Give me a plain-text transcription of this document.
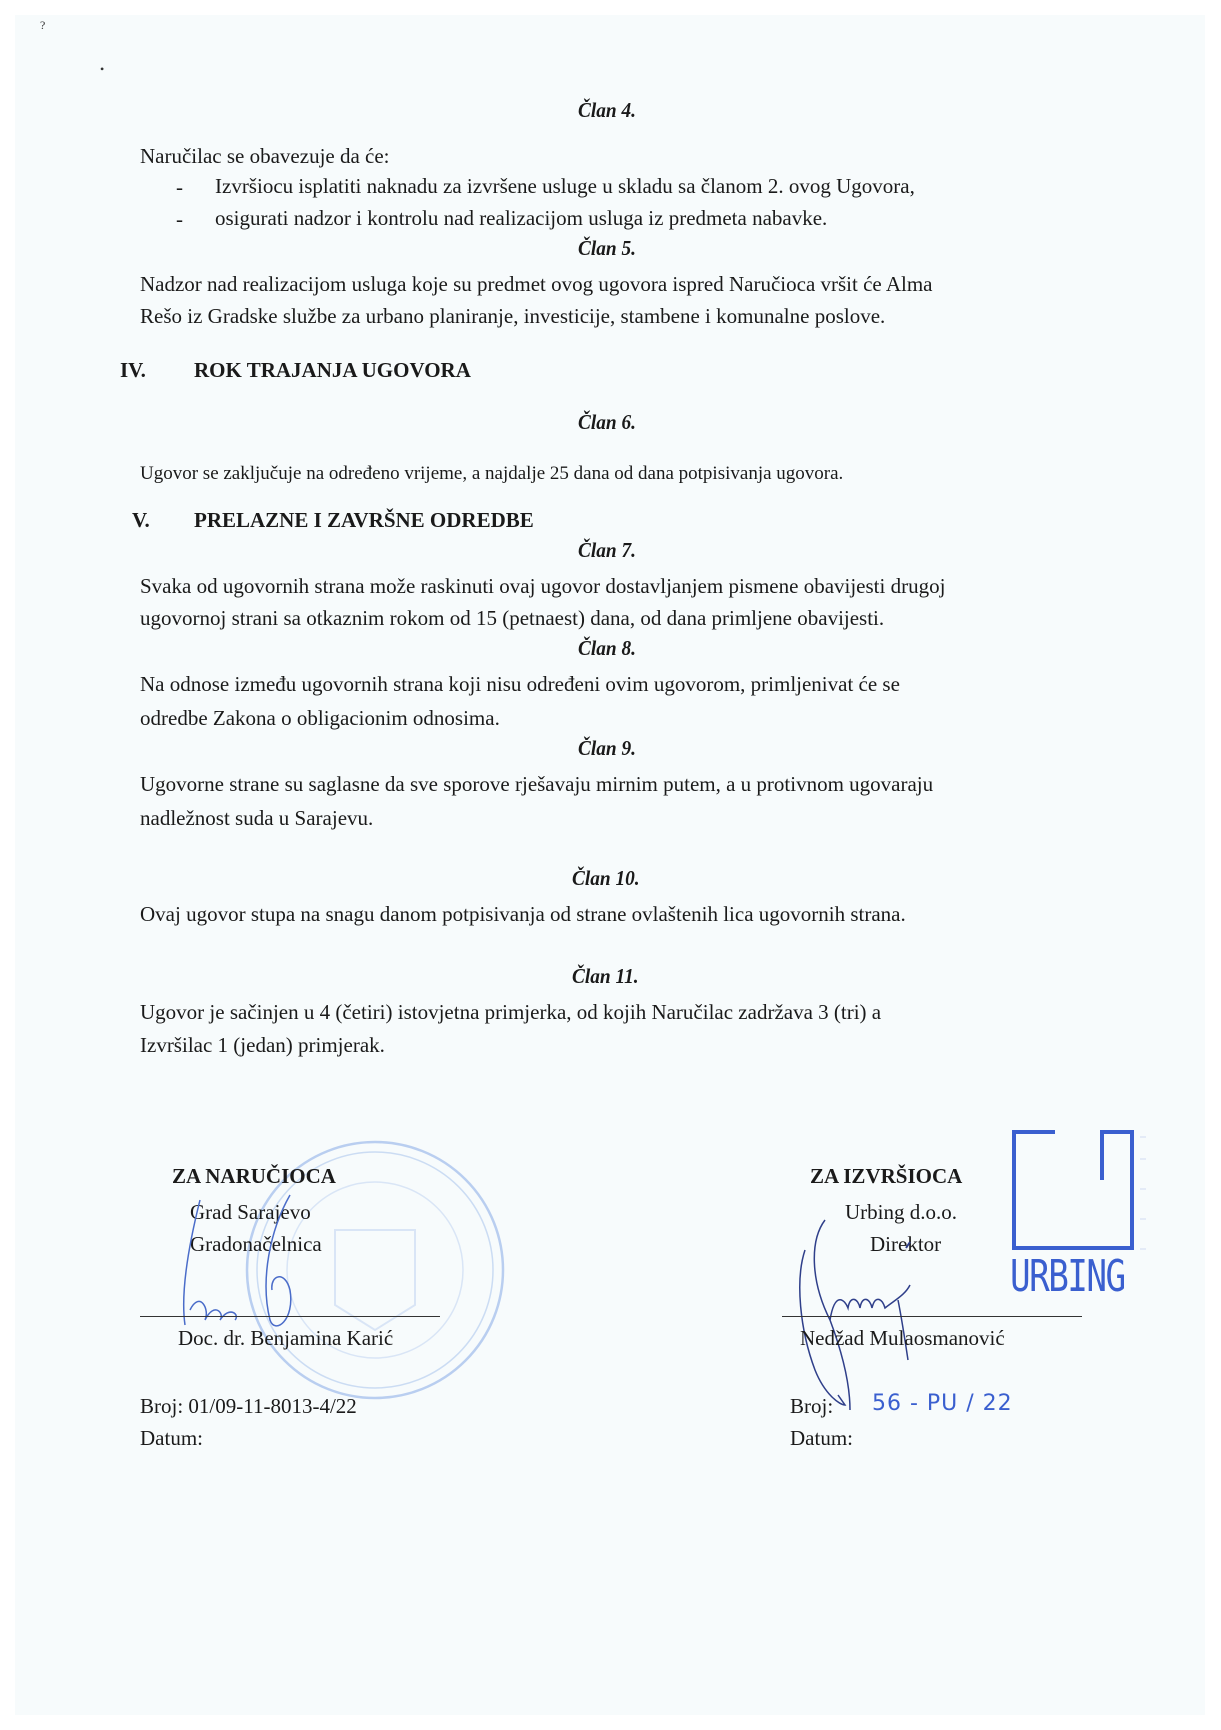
?
•
Član 4.
Naručilac se obavezuje da će:
- Izvršiocu isplatiti naknadu za izvršene usluge u skladu sa članom 2. ovog Ugovora,
- osigurati nadzor i kontrolu nad realizacijom usluga iz predmeta nabavke.
Član 5.
Nadzor nad realizacijom usluga koje su predmet ovog ugovora ispred Naručioca vršit će Alma
Rešo iz Gradske službe za urbano planiranje, investicije, stambene i komunalne poslove.
IV. ROK TRAJANJA UGOVORA
Član 6.
Ugovor se zaključuje na određeno vrijeme, a najdalje 25 dana od dana potpisivanja ugovora.
V. PRELAZNE I ZAVRŠNE ODREDBE
Član 7.
Svaka od ugovornih strana može raskinuti ovaj ugovor dostavljanjem pismene obavijesti drugoj
ugovornoj strani sa otkaznim rokom od 15 (petnaest) dana, od dana primljene obavijesti.
Član 8.
Na odnose između ugovornih strana koji nisu određeni ovim ugovorom, primljenivat će se
odredbe Zakona o obligacionim odnosima.
Član 9.
Ugovorne strane su saglasne da sve sporove rješavaju mirnim putem, a u protivnom ugovaraju
nadležnost suda u Sarajevu.
Član 10.
Ovaj ugovor stupa na snagu danom potpisivanja od strane ovlaštenih lica ugovornih strana.
Član 11.
Ugovor je sačinjen u 4 (četiri) istovjetna primjerka, od kojih Naručilac zadržava 3 (tri) a
Izvršilac 1 (jedan) primjerak.
ZA NARUČIOCA
Grad Sarajevo
Gradonačelnica
Doc. dr. Benjamina Karić
Broj: 01/09-11-8013-4/22
Datum:
URBING
ZA IZVRŠIOCA
Urbing d.o.o.
Direktor
Nedžad Mulaosmanović
Broj: 56 - PU / 22
Datum:
